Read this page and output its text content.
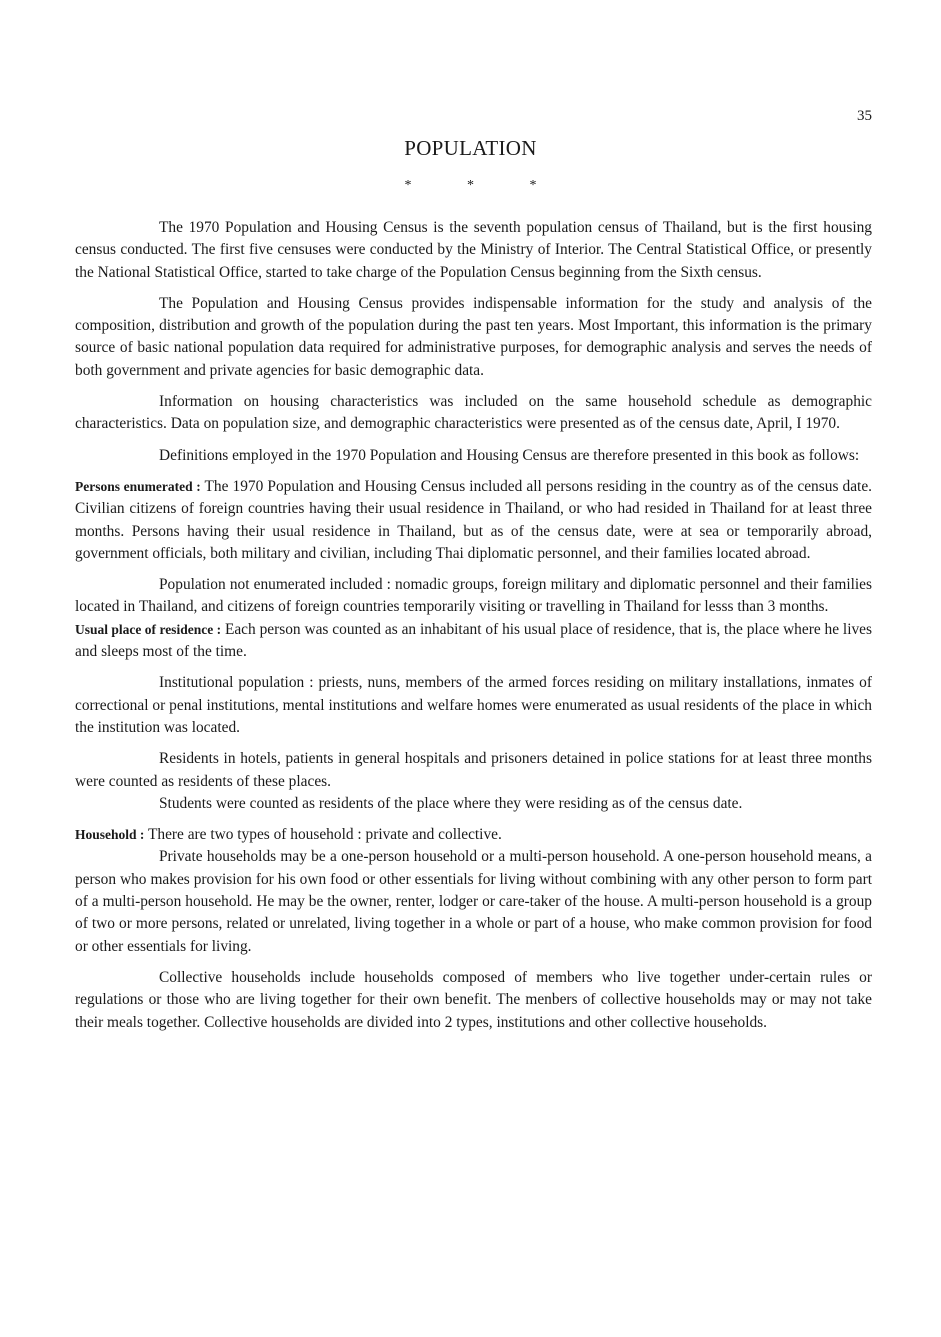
35
POPULATION
* * *

The 1970 Population and Housing Census is the seventh population census of Thailand, but is the first housing census conducted. The first five censuses were conducted by the Ministry of Interior. The Central Statistical Office, or presently the National Statistical Office, started to take charge of the Population Census beginning from the Sixth census.

The Population and Housing Census provides indispensable information for the study and analysis of the composition, distribution and growth of the population during the past ten years. Most Important, this information is the primary source of basic national population data required for administrative purposes, for demographic analysis and serves the needs of both government and private agencies for basic demographic data.

Information on housing characteristics was included on the same household schedule as demographic characteristics. Data on population size, and demographic characteristics were presented as of the census date, April, I 1970.

Definitions employed in the 1970 Population and Housing Census are therefore presented in this book as follows:

Persons enumerated : The 1970 Population and Housing Census included all persons residing in the country as of the census date. Civilian citizens of foreign countries having their usual residence in Thailand, or who had resided in Thailand for at least three months. Persons having their usual residence in Thailand, but as of the census date, were at sea or temporarily abroad, government officials, both military and civilian, including Thai diplomatic personnel, and their families located abroad.

Population not enumerated included : nomadic groups, foreign military and diplomatic personnel and their families located in Thailand, and citizens of foreign countries temporarily visiting or travelling in Thailand for lesss than 3 months.

Usual place of residence : Each person was counted as an inhabitant of his usual place of residence, that is, the place where he lives and sleeps most of the time.

Institutional population : priests, nuns, members of the armed forces residing on military installations, inmates of correctional or penal institutions, mental institutions and welfare homes were enumerated as usual residents of the place in which the institution was located.

Residents in hotels, patients in general hospitals and prisoners detained in police stations for at least three months were counted as residents of these places.

Students were counted as residents of the place where they were residing as of the census date.

Household : There are two types of household : private and collective.

Private households may be a one-person household or a multi-person household. A one-person household means, a person who makes provision for his own food or other essentials for living without combining with any other person to form part of a multi-person household. He may be the owner, renter, lodger or care-taker of the house. A multi-person household is a group of two or more persons, related or unrelated, living together in a whole or part of a house, who make common provision for food or other essentials for living.

Collective households include households composed of members who live together under-certain rules or regulations or those who are living together for their own benefit. The menbers of collective households may or may not take their meals together. Collective households are divided into 2 types, institutions and other collective households.
